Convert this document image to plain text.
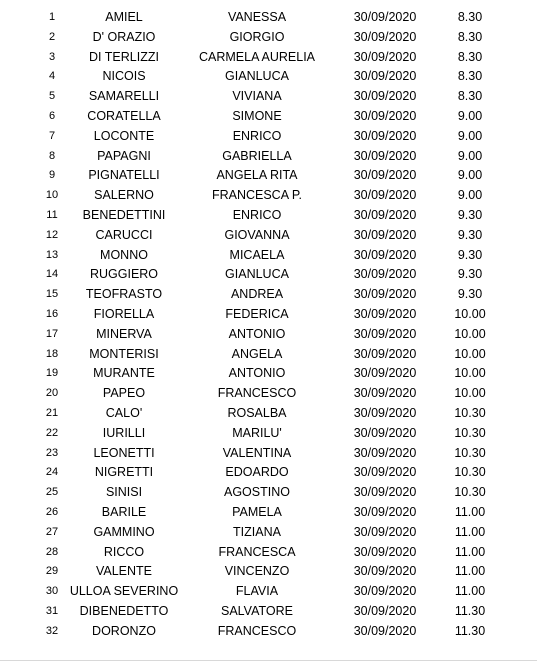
1	AMIEL	VANESSA	30/09/2020	8.30
2	D' ORAZIO	GIORGIO	30/09/2020	8.30
3	DI TERLIZZI	CARMELA AURELIA	30/09/2020	8.30
4	NICOIS	GIANLUCA	30/09/2020	8.30
5	SAMARELLI	VIVIANA	30/09/2020	8.30
6	CORATELLA	SIMONE	30/09/2020	9.00
7	LOCONTE	ENRICO	30/09/2020	9.00
8	PAPAGNI	GABRIELLA	30/09/2020	9.00
9	PIGNATELLI	ANGELA RITA	30/09/2020	9.00
10	SALERNO	FRANCESCA P.	30/09/2020	9.00
11	BENEDETTINI	ENRICO	30/09/2020	9.30
12	CARUCCI	GIOVANNA	30/09/2020	9.30
13	MONNO	MICAELA	30/09/2020	9.30
14	RUGGIERO	GIANLUCA	30/09/2020	9.30
15	TEOFRASTO	ANDREA	30/09/2020	9.30
16	FIORELLA	FEDERICA	30/09/2020	10.00
17	MINERVA	ANTONIO	30/09/2020	10.00
18	MONTERISI	ANGELA	30/09/2020	10.00
19	MURANTE	ANTONIO	30/09/2020	10.00
20	PAPEO	FRANCESCO	30/09/2020	10.00
21	CALO'	ROSALBA	30/09/2020	10.30
22	IURILLI	MARILU'	30/09/2020	10.30
23	LEONETTI	VALENTINA	30/09/2020	10.30
24	NIGRETTI	EDOARDO	30/09/2020	10.30
25	SINISI	AGOSTINO	30/09/2020	10.30
26	BARILE	PAMELA	30/09/2020	11.00
27	GAMMINO	TIZIANA	30/09/2020	11.00
28	RICCO	FRANCESCA	30/09/2020	11.00
29	VALENTE	VINCENZO	30/09/2020	11.00
30 ULLOA SEVERINO	FLAVIA	30/09/2020	11.00
31	DIBENEDETTO	SALVATORE	30/09/2020	11.30
32	DORONZO	FRANCESCO	30/09/2020	11.30
